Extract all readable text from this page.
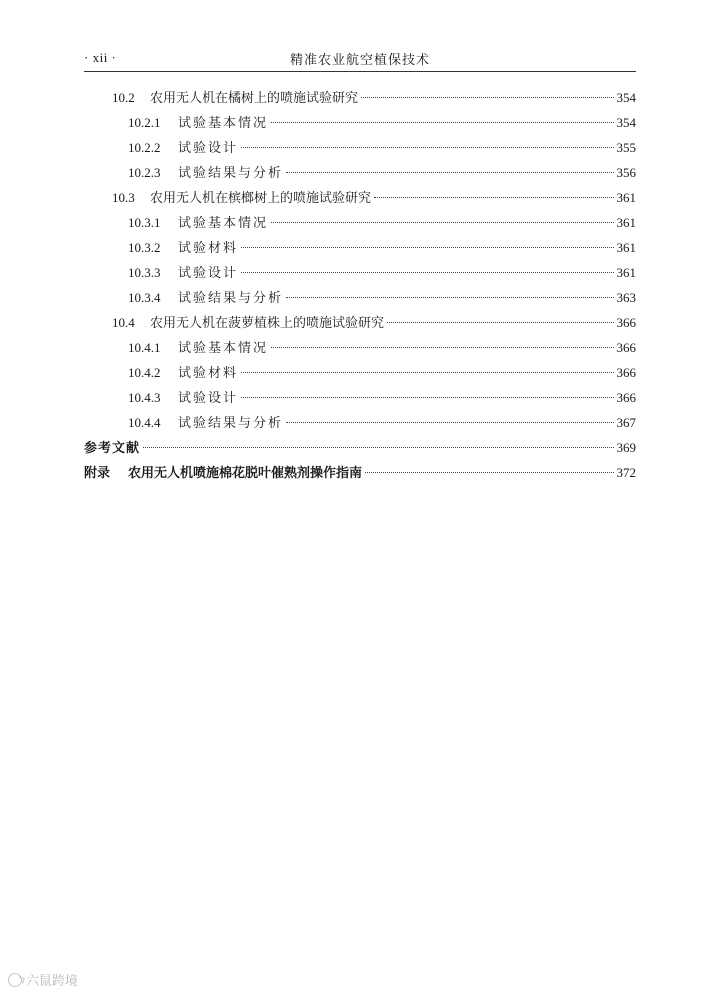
· xii ·	精准农业航空植保技术
10.2	农用无人机在橘树上的喷施试验研究	354
10.2.1	试验基本情况	354
10.2.2	试验设计	355
10.2.3	试验结果与分析	356
10.3	农用无人机在槟榔树上的喷施试验研究	361
10.3.1	试验基本情况	361
10.3.2	试验材料	361
10.3.3	试验设计	361
10.3.4	试验结果与分析	363
10.4	农用无人机在菠萝植株上的喷施试验研究	366
10.4.1	试验基本情况	366
10.4.2	试验材料	366
10.4.3	试验设计	366
10.4.4	试验结果与分析	367
参考文献	369
附录	农用无人机喷施棉花脱叶催熟剂操作指南	372
六鼠跨境
